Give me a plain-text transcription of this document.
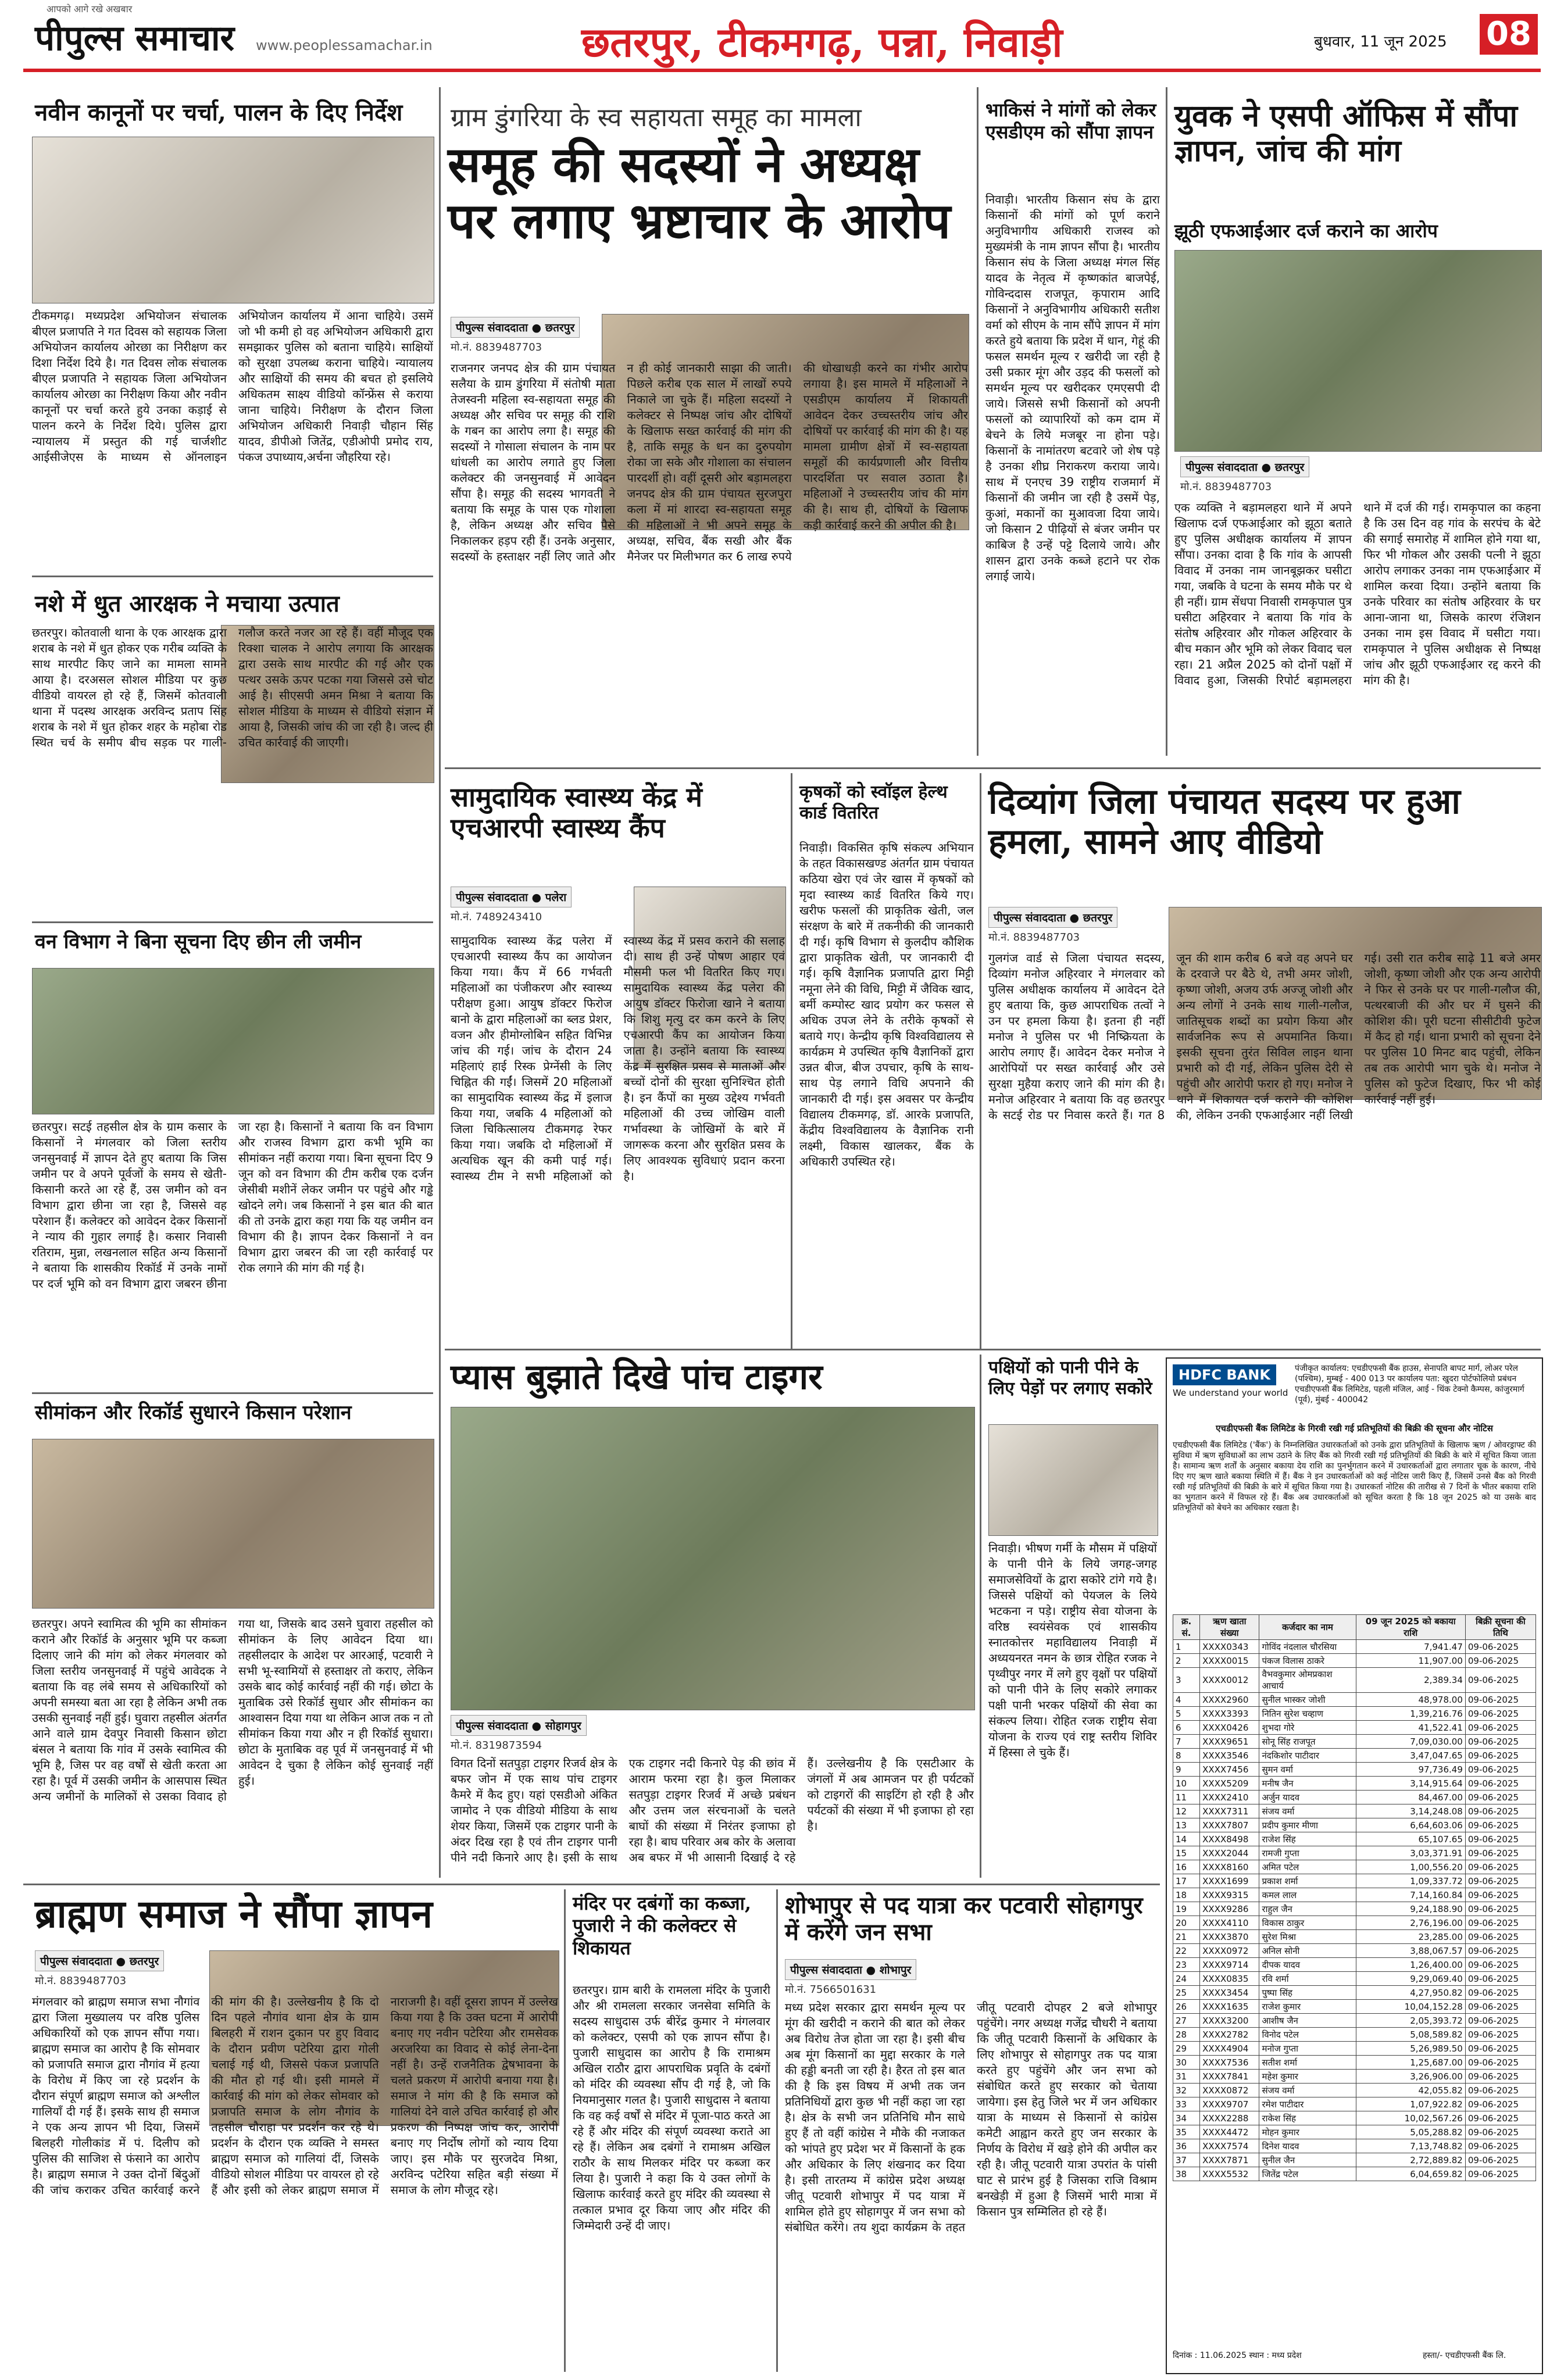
आपको आगे रखे अखबार
पीपुल्स समाचार www.peoplessamachar.in	छतरपुर, टीकमगढ़, पन्ना, निवाड़ी	बुधवार, 11 जून 2025 08
नवीन कानूनों पर चर्चा, पालन के दिए निर्देश
टीकमगढ़। मध्यप्रदेश अभियोजन संचालक बीएल प्रजापति ने गत दिवस को सहायक जिला अभियोजन कार्यालय ओरछा का निरीक्षण कर दिशा निर्देश दिये है। गत दिवस लोक संचालक बीएल प्रजापति ने सहायक जिला अभियोजन कार्यालय ओरछा का निरीक्षण किया और नवीन कानूनों पर चर्चा करते हुये उनका कड़ाई से पालन करने के निर्देश दिये। पुलिस द्वारा न्यायालय में प्रस्तुत की गई चार्जशीट आईसीजेएस के माध्यम से ऑनलाइन अभियोजन कार्यालय में आना चाहिये। उसमें जो भी कमी हो वह अभियोजन अधिकारी द्वारा समझाकर पुलिस को बताना चाहिये। साक्षियों को सुरक्षा उपलब्ध कराना चाहिये। न्यायालय और साक्षियों की समय की बचत हो इसलिये अधिकतम साक्ष्य वीडियो कॉन्फ्रेंस से कराया जाना चाहिये। निरीक्षण के दौरान जिला अभियोजन अधिकारी निवाड़ी चौहान सिंह यादव, डीपीओ जितेंद्र, एडीओपी प्रमोद राय, पंकज उपाध्याय,अर्चना जौहरिया रहे।
नशे में धुत आरक्षक ने मचाया उत्पात
छतरपुर। कोतवाली थाना के एक आरक्षक द्वारा शराब के नशे में धुत होकर एक गरीब व्यक्ति के साथ मारपीट किए जाने का मामला सामने आया है। दरअसल सोशल मीडिया पर कुछ वीडियो वायरल हो रहे हैं, जिसमें कोतवाली थाना में पदस्थ आरक्षक अरविन्द प्रताप सिंह शराब के नशे में धुत होकर शहर के महोबा रोड स्थित चर्च के समीप बीच सड़क पर गाली-गलौज करते नजर आ रहे हैं। वहीं मौजूद एक रिक्शा चालक ने आरोप लगाया कि आरक्षक द्वारा उसके साथ मारपीट की गई और एक पत्थर उसके ऊपर पटका गया जिससे उसे चोट आई है। सीएसपी अमन मिश्रा ने बताया कि सोशल मीडिया के माध्यम से वीडियो संज्ञान में आया है, जिसकी जांच की जा रही है। जल्द ही उचित कार्रवाई की जाएगी।
वन विभाग ने बिना सूचना दिए छीन ली जमीन
छतरपुर। सटई तहसील क्षेत्र के ग्राम कसार के किसानों ने मंगलवार को जिला स्तरीय जनसुनवाई में ज्ञापन देते हुए बताया कि जिस जमीन पर वे अपने पूर्वजों के समय से खेती-किसानी करते आ रहे हैं, उस जमीन को वन विभाग द्वारा छीना जा रहा है, जिससे वह परेशान हैं। कलेक्टर को आवेदन देकर किसानों ने न्याय की गुहार लगाई है। कसार निवासी रतिराम, मुन्ना, लखनलाल सहित अन्य किसानों ने बताया कि शासकीय रिकॉर्ड में उनके नामों पर दर्ज भूमि को वन विभाग द्वारा जबरन छीना जा रहा है। किसानों ने बताया कि वन विभाग और राजस्व विभाग द्वारा कभी भूमि का सीमांकन नहीं कराया गया। बिना सूचना दिए 9 जून को वन विभाग की टीम करीब एक दर्जन जेसीबी मशीनें लेकर जमीन पर पहुंचे और गड्ढे खोदने लगे। जब किसानों ने इस बात की बात की तो उनके द्वारा कहा गया कि यह जमीन वन विभाग की है। ज्ञापन देकर किसानों ने वन विभाग द्वारा जबरन की जा रही कार्रवाई पर रोक लगाने की मांग की गई है।
सीमांकन और रिकॉर्ड सुधारने किसान परेशान
छतरपुर। अपने स्वामित्व की भूमि का सीमांकन कराने और रिकॉर्ड के अनुसार भूमि पर कब्जा दिलाए जाने की मांग को लेकर मंगलवार को जिला स्तरीय जनसुनवाई में पहुंचे आवेदक ने बताया कि वह लंबे समय से अधिकारियों को अपनी समस्या बता आ रहा है लेकिन अभी तक उसकी सुनवाई नहीं हुई। घुवारा तहसील अंतर्गत आने वाले ग्राम देवपुर निवासी किसान छोटा बंसल ने बताया कि गांव में उसके स्वामित्व की भूमि है, जिस पर वह वर्षों से खेती करता आ रहा है। पूर्व में उसकी जमीन के आसपास स्थित अन्य जमीनों के मालिकों से उसका विवाद हो गया था, जिसके बाद उसने घुवारा तहसील को सीमांकन के लिए आवेदन दिया था। तहसीलदार के आदेश पर आरआई, पटवारी ने सभी भू-स्वामियों से हस्ताक्षर तो कराए, लेकिन उसके बाद कोई कार्रवाई नहीं की गई। छोटा के मुताबिक उसे रिकॉर्ड सुधार और सीमांकन का आश्वासन दिया गया था लेकिन आज तक न तो सीमांकन किया गया और न ही रिकॉर्ड सुधारा। छोटा के मुताबिक वह पूर्व में जनसुनवाई में भी आवेदन दे चुका है लेकिन कोई सुनवाई नहीं हुई।
ग्राम डुंगरिया के स्व सहायता समूह का मामला
समूह की सदस्यों ने अध्यक्ष पर लगाए भ्रष्टाचार के आरोप
पीपुल्स संवाददाता ● छतरपुर
मो.नं. 8839487703
राजनगर जनपद क्षेत्र की ग्राम पंचायत सलैया के ग्राम डुंगरिया में संतोषी माता तेजस्वनी महिला स्व-सहायता समूह की अध्यक्ष और सचिव पर समूह की राशि के गबन का आरोप लगा है। समूह की सदस्यों ने गोसाला संचालन के नाम पर धांधली का आरोप लगाते हुए जिला कलेक्टर की जनसुनवाई में आवेदन सौंपा है। समूह की सदस्य भागवती ने बताया कि समूह के पास एक गोशाला है, लेकिन अध्यक्ष और सचिव पैसे निकालकर हड़प रही हैं। उनके अनुसार, सदस्यों के हस्ताक्षर नहीं लिए जाते और न ही कोई जानकारी साझा की जाती। पिछले करीब एक साल में लाखों रुपये निकाले जा चुके हैं। महिला सदस्यों ने कलेक्टर से निष्पक्ष जांच और दोषियों के खिलाफ सख्त कार्रवाई की मांग की है, ताकि समूह के धन का दुरुपयोग रोका जा सके और गोशाला का संचालन पारदर्शी हो। वहीं दूसरी ओर बड़ामलहरा जनपद क्षेत्र की ग्राम पंचायत सुरजपुरा कला में मां शारदा स्व-सहायता समूह की महिलाओं ने भी अपने समूह के अध्यक्ष, सचिव, बैंक सखी और बैंक मैनेजर पर मिलीभगत कर 6 लाख रुपये की धोखाधड़ी करने का गंभीर आरोप लगाया है। इस मामले में महिलाओं ने एसडीएम कार्यालय में शिकायती आवेदन देकर उच्चस्तरीय जांच और दोषियों पर कार्रवाई की मांग की है। यह मामला ग्रामीण क्षेत्रों में स्व-सहायता समूहों की कार्यप्रणाली और वित्तीय पारदर्शिता पर सवाल उठाता है। महिलाओं ने उच्चस्तरीय जांच की मांग की है। साथ ही, दोषियों के खिलाफ कड़ी कार्रवाई करने की अपील की है।
भाकिसं ने मांगों को लेकर एसडीएम को सौंपा ज्ञापन
निवाड़ी। भारतीय किसान संघ के द्वारा किसानों की मांगों को पूर्ण कराने अनुविभागीय अधिकारी राजस्व को मुख्यमंत्री के नाम ज्ञापन सौंपा है। भारतीय किसान संघ के जिला अध्यक्ष मंगल सिंह यादव के नेतृत्व में कृष्णकांत बाजपेई, गोविन्ददास राजपूत, कृपाराम आदि किसानों ने अनुविभागीय अधिकारी सतीश वर्मा को सीएम के नाम सौंपे ज्ञापन में मांग करते हुये बताया कि प्रदेश में धान, गेहूं की फसल समर्थन मूल्य र खरीदी जा रही है उसी प्रकार मूंग और उड़द की फसलों को समर्थन मूल्य पर खरीदकर एमएसपी दी जाये। जिससे सभी किसानों को अपनी फसलों को व्यापारियों को कम दाम में बेचने के लिये मजबूर ना होना पड़े। किसानों के नामांतरण बटवारे जो शेष पड़े है उनका शीघ्र निराकरण कराया जाये। साथ में एनएच 39 राष्ट्रीय राजमार्ग में किसानों की जमीन जा रही है उसमें पेड़, कुआं, मकानों का मुआवजा दिया जाये। जो किसान 2 पीढ़ियों से बंजर जमीन पर काबिज है उन्हें पट्टे दिलाये जाये। और शासन द्वारा उनके कब्जे हटाने पर रोक लगाई जाये।
युवक ने एसपी ऑफिस में सौंपा ज्ञापन, जांच की मांग
झूठी एफआईआर दर्ज कराने का आरोप
पीपुल्स संवाददाता ● छतरपुर
मो.नं. 8839487703
एक व्यक्ति ने बड़ामलहरा थाने में अपने खिलाफ दर्ज एफआईआर को झूठा बताते हुए पुलिस अधीक्षक कार्यालय में ज्ञापन सौंपा। उनका दावा है कि गांव के आपसी विवाद में उनका नाम जानबूझकर घसीटा गया, जबकि वे घटना के समय मौके पर थे ही नहीं। ग्राम सेंधपा निवासी रामकृपाल पुत्र घसीटा अहिरवार ने बताया कि गांव के संतोष अहिरवार और गोकल अहिरवार के बीच मकान और भूमि को लेकर विवाद चल रहा। 21 अप्रैल 2025 को दोनों पक्षों में विवाद हुआ, जिसकी रिपोर्ट बड़ामलहरा थाने में दर्ज की गई। रामकृपाल का कहना है कि उस दिन वह गांव के सरपंच के बेटे की सगाई समारोह में शामिल होने गया था, फिर भी गोकल और उसकी पत्नी ने झूठा आरोप लगाकर उनका नाम एफआईआर में शामिल करवा दिया। उन्होंने बताया कि उनके परिवार का संतोष अहिरवार के घर आना-जाना था, जिसके कारण रंजिशन उनका नाम इस विवाद में घसीटा गया। रामकृपाल ने पुलिस अधीक्षक से निष्पक्ष जांच और झूठी एफआईआर रद्द करने की मांग की है।
सामुदायिक स्वास्थ्य केंद्र में एचआरपी स्वास्थ्य कैंप
पीपुल्स संवाददाता ● पलेरा
मो.नं. 7489243410
सामुदायिक स्वास्थ्य केंद्र पलेरा में एचआरपी स्वास्थ्य कैंप का आयोजन किया गया। कैंप में 66 गर्भवती महिलाओं का पंजीकरण और स्वास्थ्य परीक्षण हुआ। आयुष डॉक्टर फिरोज बानो के द्वारा महिलाओं का ब्लड प्रेशर, वजन और हीमोग्लोबिन सहित विभिन्न जांच की गई। जांच के दौरान 24 महिलाएं हाई रिस्क प्रेग्नेंसी के लिए चिह्नित की गईं। जिसमें 20 महिलाओं का सामुदायिक स्वास्थ्य केंद्र में इलाज किया गया, जबकि 4 महिलाओं को जिला चिकित्सालय टीकमगढ़ रेफर किया गया। जबकि दो महिलाओं में अत्यधिक खून की कमी पाई गई। स्वास्थ्य टीम ने सभी महिलाओं को स्वास्थ्य केंद्र में प्रसव कराने की सलाह दी। साथ ही उन्हें पोषण आहार एवं मौसमी फल भी वितरित किए गए। सामुदायिक स्वास्थ्य केंद्र पलेरा की आयुष डॉक्टर फिरोजा खाने ने बताया कि शिशु मृत्यु दर कम करने के लिए एचआरपी कैंप का आयोजन किया जाता है। उन्होंने बताया कि स्वास्थ्य केंद्र में सुरक्षित प्रसव से माताओं और बच्चों दोनों की सुरक्षा सुनिश्चित होती है। इन कैंपों का मुख्य उद्देश्य गर्भवती महिलाओं की उच्च जोखिम वाली गर्भावस्था के जोखिमों के बारे में जागरूक करना और सुरक्षित प्रसव के लिए आवश्यक सुविधाएं प्रदान करना है।
कृषकों को स्वॉइल हेल्थ कार्ड वितरित
निवाड़ी। विकसित कृषि संकल्प अभियान के तहत विकासखण्ड अंतर्गत ग्राम पंचायत कठिया खेरा एवं जेर खास में कृषकों को मृदा स्वास्थ्य कार्ड वितरित किये गए। खरीफ फसलों की प्राकृतिक खेती, जल संरक्षण के बारे में तकनीकी की जानकारी दी गई। कृषि विभाग से कुलदीप कौशिक द्वारा प्राकृतिक खेती, पर जानकारी दी गई। कृषि वैज्ञानिक प्रजापति द्वारा मिट्टी नमूना लेने की विधि, मिट्टी में जैविक खाद, बर्मी कम्पोस्ट खाद प्रयोग कर फसल से अधिक उपज लेने के तरीके कृषकों से बताये गए। केन्द्रीय कृषि विश्वविद्यालय से कार्यक्रम मे उपस्थित कृषि वैज्ञानिकों द्वारा उन्नत बीज, बीज उपचार, कृषि के साथ-साथ पेड़ लगाने विधि अपनाने की जानकारी दी गई। इस अवसर पर केन्द्रीय विद्यालय टीकमगढ़, डॉ. आरके प्रजापति, केंद्रीय विश्वविद्यालय के वैज्ञानिक रानी लक्ष्मी, विकास खालकर, बैंक के अधिकारी उपस्थित रहे।
दिव्यांग जिला पंचायत सदस्य पर हुआ हमला, सामने आए वीडियो
पीपुल्स संवाददाता ● छतरपुर
मो.नं. 8839487703
गुलगंज वार्ड से जिला पंचायत सदस्य, दिव्यांग मनोज अहिरवार ने मंगलवार को पुलिस अधीक्षक कार्यालय में आवेदन देते हुए बताया कि, कुछ आपराधिक तत्वों ने उन पर हमला किया है। इतना ही नहीं मनोज ने पुलिस पर भी निष्क्रियता के आरोप लगाए हैं। आवेदन देकर मनोज ने आरोपियों पर सख्त कार्रवाई और उसे सुरक्षा मुहैया कराए जाने की मांग की है। मनोज अहिरवार ने बताया कि वह छतरपुर के सटई रोड पर निवास करते हैं। गत 8 जून की शाम करीब 6 बजे वह अपने घर के दरवाजे पर बैठे थे, तभी अमर जोशी, कृष्णा जोशी, अजय उर्फ अज्जू जोशी और अन्य लोगों ने उनके साथ गाली-गलौज, जातिसूचक शब्दों का प्रयोग किया और सार्वजनिक रूप से अपमानित किया। इसकी सूचना तुरंत सिविल लाइन थाना प्रभारी को दी गई, लेकिन पुलिस देरी से पहुंची और आरोपी फरार हो गए। मनोज ने थाने में शिकायत दर्ज कराने की कोशिश की, लेकिन उनकी एफआईआर नहीं लिखी गई। उसी रात करीब साढ़े 11 बजे अमर जोशी, कृष्णा जोशी और एक अन्य आरोपी ने फिर से उनके घर पर गाली-गलौज की, पत्थरबाजी की और घर में घुसने की कोशिश की। पूरी घटना सीसीटीवी फुटेज में कैद हो गई। थाना प्रभारी को सूचना देने पर पुलिस 10 मिनट बाद पहुंची, लेकिन तब तक आरोपी भाग चुके थे। मनोज ने पुलिस को फुटेज दिखाए, फिर भी कोई कार्रवाई नहीं हुई।
प्यास बुझाते दिखे पांच टाइगर
पीपुल्स संवाददाता ● सोहागपुर
मो.नं. 8319873594
विगत दिनों सतपुड़ा टाइगर रिजर्व क्षेत्र के बफर जोन में एक साथ पांच टाइगर कैमरे में कैद हुए। यहां एसडीओ अंकित जामोद ने एक वीडियो मीडिया के साथ शेयर किया, जिसमें एक टाइगर पानी के अंदर दिख रहा है एवं तीन टाइगर पानी पीने नदी किनारे आए है। इसी के साथ एक टाइगर नदी किनारे पेड़ की छांव में आराम फरमा रहा है। कुल मिलाकर सतपुड़ा टाइगर रिजर्व में अच्छे प्रबंधन और उत्तम जल संरचनाओं के चलते बाघों की संख्या में निरंतर इजाफा हो रहा है। बाघ परिवार अब कोर के अलावा अब बफर में भी आसानी दिखाई दे रहे हैं। उल्लेखनीय है कि एसटीआर के जंगलों में अब आमजन पर ही पर्यटकों को टाइगरों की साइटिंग हो रही है और पर्यटकों की संख्या में भी इजाफा हो रहा है।
पक्षियों को पानी पीने के लिए पेड़ों पर लगाए सकोरे
निवाड़ी। भीषण गर्मी के मौसम में पक्षियों के पानी पीने के लिये जगह-जगह समाजसेवियों के द्वारा सकोरे टांगे गये है। जिससे पक्षियों को पेयजल के लिये भटकना न पड़े। राष्ट्रीय सेवा योजना के वरिष्ठ स्वयंसेवक एवं शासकीय स्नातकोत्तर महाविद्यालय निवाड़ी में अध्ययनरत नमन के छात्र रोहित रजक ने पृथ्वीपुर नगर में लगे हुए वृक्षों पर पक्षियों को पानी पीने के लिए सकोरे लगाकर पक्षी पानी भरकर पक्षियों की सेवा का संकल्प लिया। रोहित रजक राष्ट्रीय सेवा योजना के राज्य एवं राष्ट्र स्तरीय शिविर में हिस्सा ले चुके हैं।
HDFC BANK
We understand your world
पंजीकृत कार्यालय: एचडीएफसी बैंक हाउस, सेनापति बापट मार्ग, लोअर परेल (पश्चिम), मुम्बई - 400 013 पर कार्यालय पता: खुदरा पोर्टफोलियो प्रबंधन एचडीएफसी बैंक लिमिटेड, पहली मंजिल, आई - थिंक टेक्नो कैम्पस, कांजुरमार्ग (पूर्व), मुंबई - 400042
एचडीएफसी बैंक लिमिटेड के गिरवी रखी गई प्रतिभूतियों की बिक्री की सूचना और नोटिस
एचडीएफसी बैंक लिमिटेड ('बैंक') के निम्नलिखित उधारकर्ताओं को उनके द्वारा प्रतिभूतियों के खिलाफ ऋण / ओवरड्राफ्ट की सुविधा में ऋण सुविधाओं का लाभ उठाने के लिए बैंक को गिरवी रखी गई प्रतिभूतियों की बिक्री के बारे में सूचित किया जाता है। सामान्य ऋण शर्तों के अनुसार बकाया देय राशि का पुनर्भुगतान करने में उधारकर्ताओं द्वारा लगातार चूक के कारण, नीचे दिए गए ऋण खाते बकाया स्थिति में हैं। बैंक ने इन उधारकर्ताओं को कई नोटिस जारी किए हैं, जिसमें उनसे बैंक को गिरवी रखी गई प्रतिभूतियों की बिक्री के बारे में सूचित किया गया है। उधारकर्ता नोटिस की तारीख से 7 दिनों के भीतर बकाया राशि का भुगतान करने में विफल रहे हैं। बैंक अब उधारकर्ताओं को सूचित करता है कि 18 जून 2025 को या उसके बाद प्रतिभूतियों को बेचने का अधिकार रखता है।
क्र. सं.	ऋण खाता संख्या	कर्जदार का नाम	09 जून 2025 को बकाया राशि	बिक्री सूचना की तिथि
1	XXXX0343	गोविंद नंदलाल चौरसिया	7,941.47	09-06-2025
2	XXXX0015	पंकज विलास ठाकरे	11,907.00	09-06-2025
3	XXXX0012	वैभवकुमार ओमप्रकाश आचार्य	2,389.34	09-06-2025
4	XXXX2960	सुनील भास्कर जोशी	48,978.00	09-06-2025
5	XXXX3393	नितिन सुरेश चव्हाण	1,39,216.76	09-06-2025
6	XXXX0426	शुभदा गोरे	41,522.41	09-06-2025
7	XXXX9651	सोनू सिंह राजपूत	7,09,030.00	09-06-2025
8	XXXX3546	नंदकिशोर पाटीदार	3,47,047.65	09-06-2025
9	XXXX7456	सुमन वर्मा	97,736.49	09-06-2025
10	XXXX5209	मनीष जैन	3,14,915.64	09-06-2025
11	XXXX2410	अर्जुन यादव	84,467.00	09-06-2025
12	XXXX7311	संजय वर्मा	3,14,248.08	09-06-2025
13	XXXX7807	प्रदीप कुमार मीणा	6,64,603.06	09-06-2025
14	XXXX8498	राजेश सिंह	65,107.65	09-06-2025
15	XXXX2044	रामजी गुप्ता	3,03,371.91	09-06-2025
16	XXXX8160	अमित पटेल	1,00,556.20	09-06-2025
17	XXXX1699	प्रकाश शर्मा	1,09,337.72	09-06-2025
18	XXXX9315	कमल लाल	7,14,160.84	09-06-2025
19	XXXX9286	राहुल जैन	9,24,188.90	09-06-2025
20	XXXX4110	विकास ठाकुर	2,76,196.00	09-06-2025
21	XXXX3870	सुरेश मिश्रा	23,285.00	09-06-2025
22	XXXX0972	अनिल सोनी	3,88,067.57	09-06-2025
23	XXXX9714	दीपक यादव	1,26,400.00	09-06-2025
24	XXXX0835	रवि शर्मा	9,29,069.40	09-06-2025
25	XXXX3454	पुष्पा सिंह	4,27,950.82	09-06-2025
26	XXXX1635	राजेश कुमार	10,04,152.28	09-06-2025
27	XXXX3200	आशीष जैन	2,05,393.72	09-06-2025
28	XXXX2782	विनोद पटेल	5,08,589.82	09-06-2025
29	XXXX4904	मनोज गुप्ता	5,26,989.50	09-06-2025
30	XXXX7536	सतीश शर्मा	1,25,687.00	09-06-2025
31	XXXX7841	महेश कुमार	3,26,906.00	09-06-2025
32	XXXX0872	संजय वर्मा	42,055.82	09-06-2025
33	XXXX9707	रमेश पाटीदार	1,07,922.82	09-06-2025
34	XXXX2288	राकेश सिंह	10,02,567.26	09-06-2025
35	XXXX4472	मोहन कुमार	5,05,288.82	09-06-2025
36	XXXX7574	दिनेश यादव	7,13,748.82	09-06-2025
37	XXXX7871	सुनील जैन	2,72,889.82	09-06-2025
38	XXXX5532	जितेंद्र पटेल	6,04,659.82	09-06-2025
दिनांक : 11.06.2025 स्थान : मध्य प्रदेश	हस्ता/- एचडीएफसी बैंक लि.
ब्राह्मण समाज ने सौंपा ज्ञापन
पीपुल्स संवाददाता ● छतरपुर
मो.नं. 8839487703
मंगलवार को ब्राह्मण समाज सभा नौगांव द्वारा जिला मुख्यालय पर वरिष्ठ पुलिस अधिकारियों को एक ज्ञापन सौंपा गया। ब्राह्मण समाज का आरोप है कि सोमवार को प्रजापति समाज द्वारा नौगांव में हत्या के विरोध में किए जा रहे प्रदर्शन के दौरान संपूर्ण ब्राह्मण समाज को अश्लील गालियाँ दी गई हैं। इसके साथ ही समाज ने एक अन्य ज्ञापन भी दिया, जिसमें बिलहरी गोलीकांड में पं. दिलीप को पुलिस की साजिश से फंसाने का आरोप है। ब्राह्मण समाज ने उक्त दोनों बिंदुओं की जांच कराकर उचित कार्रवाई करने की मांग की है। उल्लेखनीय है कि दो दिन पहले नौगांव थाना क्षेत्र के ग्राम बिलहरी में राशन दुकान पर हुए विवाद के दौरान प्रवीण पटेरिया द्वारा गोली चलाई गई थी, जिससे पंकज प्रजापति की मौत हो गई थी। इसी मामले में कार्रवाई की मांग को लेकर सोमवार को प्रजापति समाज के लोग नौगांव के तहसील चौराहा पर प्रदर्शन कर रहे थे। प्रदर्शन के दौरान एक व्यक्ति ने समस्त ब्राह्मण समाज को गालियां दीं, जिसके वीडियो सोशल मीडिया पर वायरल हो रहे हैं और इसी को लेकर ब्राह्मण समाज में नाराजगी है। वहीं दूसरा ज्ञापन में उल्लेख किया गया है कि उक्त घटना में आरोपी बनाए गए नवीन पटेरिया और रामसेवक अरजरिया का विवाद से कोई लेना-देना नहीं है। उन्हें राजनैतिक द्वेषभावना के चलते प्रकरण में आरोपी बनाया गया है। समाज ने मांग की है कि समाज को गालियां देने वाले उचित कार्रवाई हो और प्रकरण की निष्पक्ष जांच कर, आरोपी बनाए गए निर्दोष लोगों को न्याय दिया जाए। इस मौके पर सुरजदेव मिश्रा, अरविन्द पटेरिया सहित बड़ी संख्या में समाज के लोग मौजूद रहे।
मंदिर पर दबंगों का कब्जा, पुजारी ने की कलेक्टर से शिकायत
छतरपुर। ग्राम बारी के रामलला मंदिर के पुजारी और श्री रामलला सरकार जनसेवा समिति के सदस्य साधुदास उर्फ बीरेंद्र कुमार ने मंगलवार को कलेक्टर, एसपी को एक ज्ञापन सौंपा है। पुजारी साधुदास का आरोप है कि रामाश्रम अखिल राठौर द्वारा आपराधिक प्रवृति के दबंगों को मंदिर की व्यवस्था सौंप दी गई है, जो कि नियमानुसार गलत है। पुजारी साधुदास ने बताया कि वह कई वर्षों से मंदिर में पूजा-पाठ करते आ रहे हैं और मंदिर की संपूर्ण व्यवस्था कराते आ रहे हैं। लेकिन अब दबंगों ने रामाश्रम अखिल राठौर के साथ मिलकर मंदिर पर कब्जा कर लिया है। पुजारी ने कहा कि ये उक्त लोगों के खिलाफ कार्रवाई करते हुए मंदिर की व्यवस्था से तत्काल प्रभाव दूर किया जाए और मंदिर की जिम्मेदारी उन्हें दी जाए।
शोभापुर से पद यात्रा कर पटवारी सोहागपुर में करेंगे जन सभा
पीपुल्स संवाददाता ● शोभापुर
मो.नं. 7566501631
मध्य प्रदेश सरकार द्वारा समर्थन मूल्य पर मूंग की खरीदी न कराने की बात को लेकर अब विरोध तेज होता जा रहा है। इसी बीच अब मूंग किसानों का मुद्दा सरकार के गले की हड्डी बनती जा रही है। हैरत तो इस बात की है कि इस विषय में अभी तक जन प्रतिनिधियों द्वारा कुछ भी नहीं कहा जा रहा है। क्षेत्र के सभी जन प्रतिनिधि मौन साधे हुए हैं तो वहीं कांग्रेस ने मौके की नजाकत को भांपते हुए प्रदेश भर में किसानों के हक और अधिकार के लिए शंखनाद कर दिया है। इसी तारतम्य में कांग्रेस प्रदेश अध्यक्ष जीतू पटवारी शोभापुर में पद यात्रा में शामिल होते हुए सोहागपुर में जन सभा को संबोधित करेंगे। तय शुदा कार्यक्रम के तहत जीतू पटवारी दोपहर 2 बजे शोभापुर पहुंचेंगे। नगर अध्यक्ष गजेंद्र चौधरी ने बताया कि जीतू पटवारी किसानों के अधिकार के लिए शोभापुर से सोहागपुर तक पद यात्रा करते हुए पहुंचेंगे और जन सभा को संबोधित करते हुए सरकार को चेताया जायेगा। इस हेतु जिले भर में जन अधिकार यात्रा के माध्यम से किसानों से कांग्रेस कमेटी आह्वान करते हुए जन सरकार के निर्णय के विरोध में खड़े होने की अपील कर रही है। जीतू पटवारी यात्रा उपरांत के पांसी घाट से प्रारंभ हुई है जिसका राजि विश्राम बनखेड़ी में हुआ है जिसमें भारी मात्रा में किसान पुत्र सम्मिलित हो रहे हैं।
